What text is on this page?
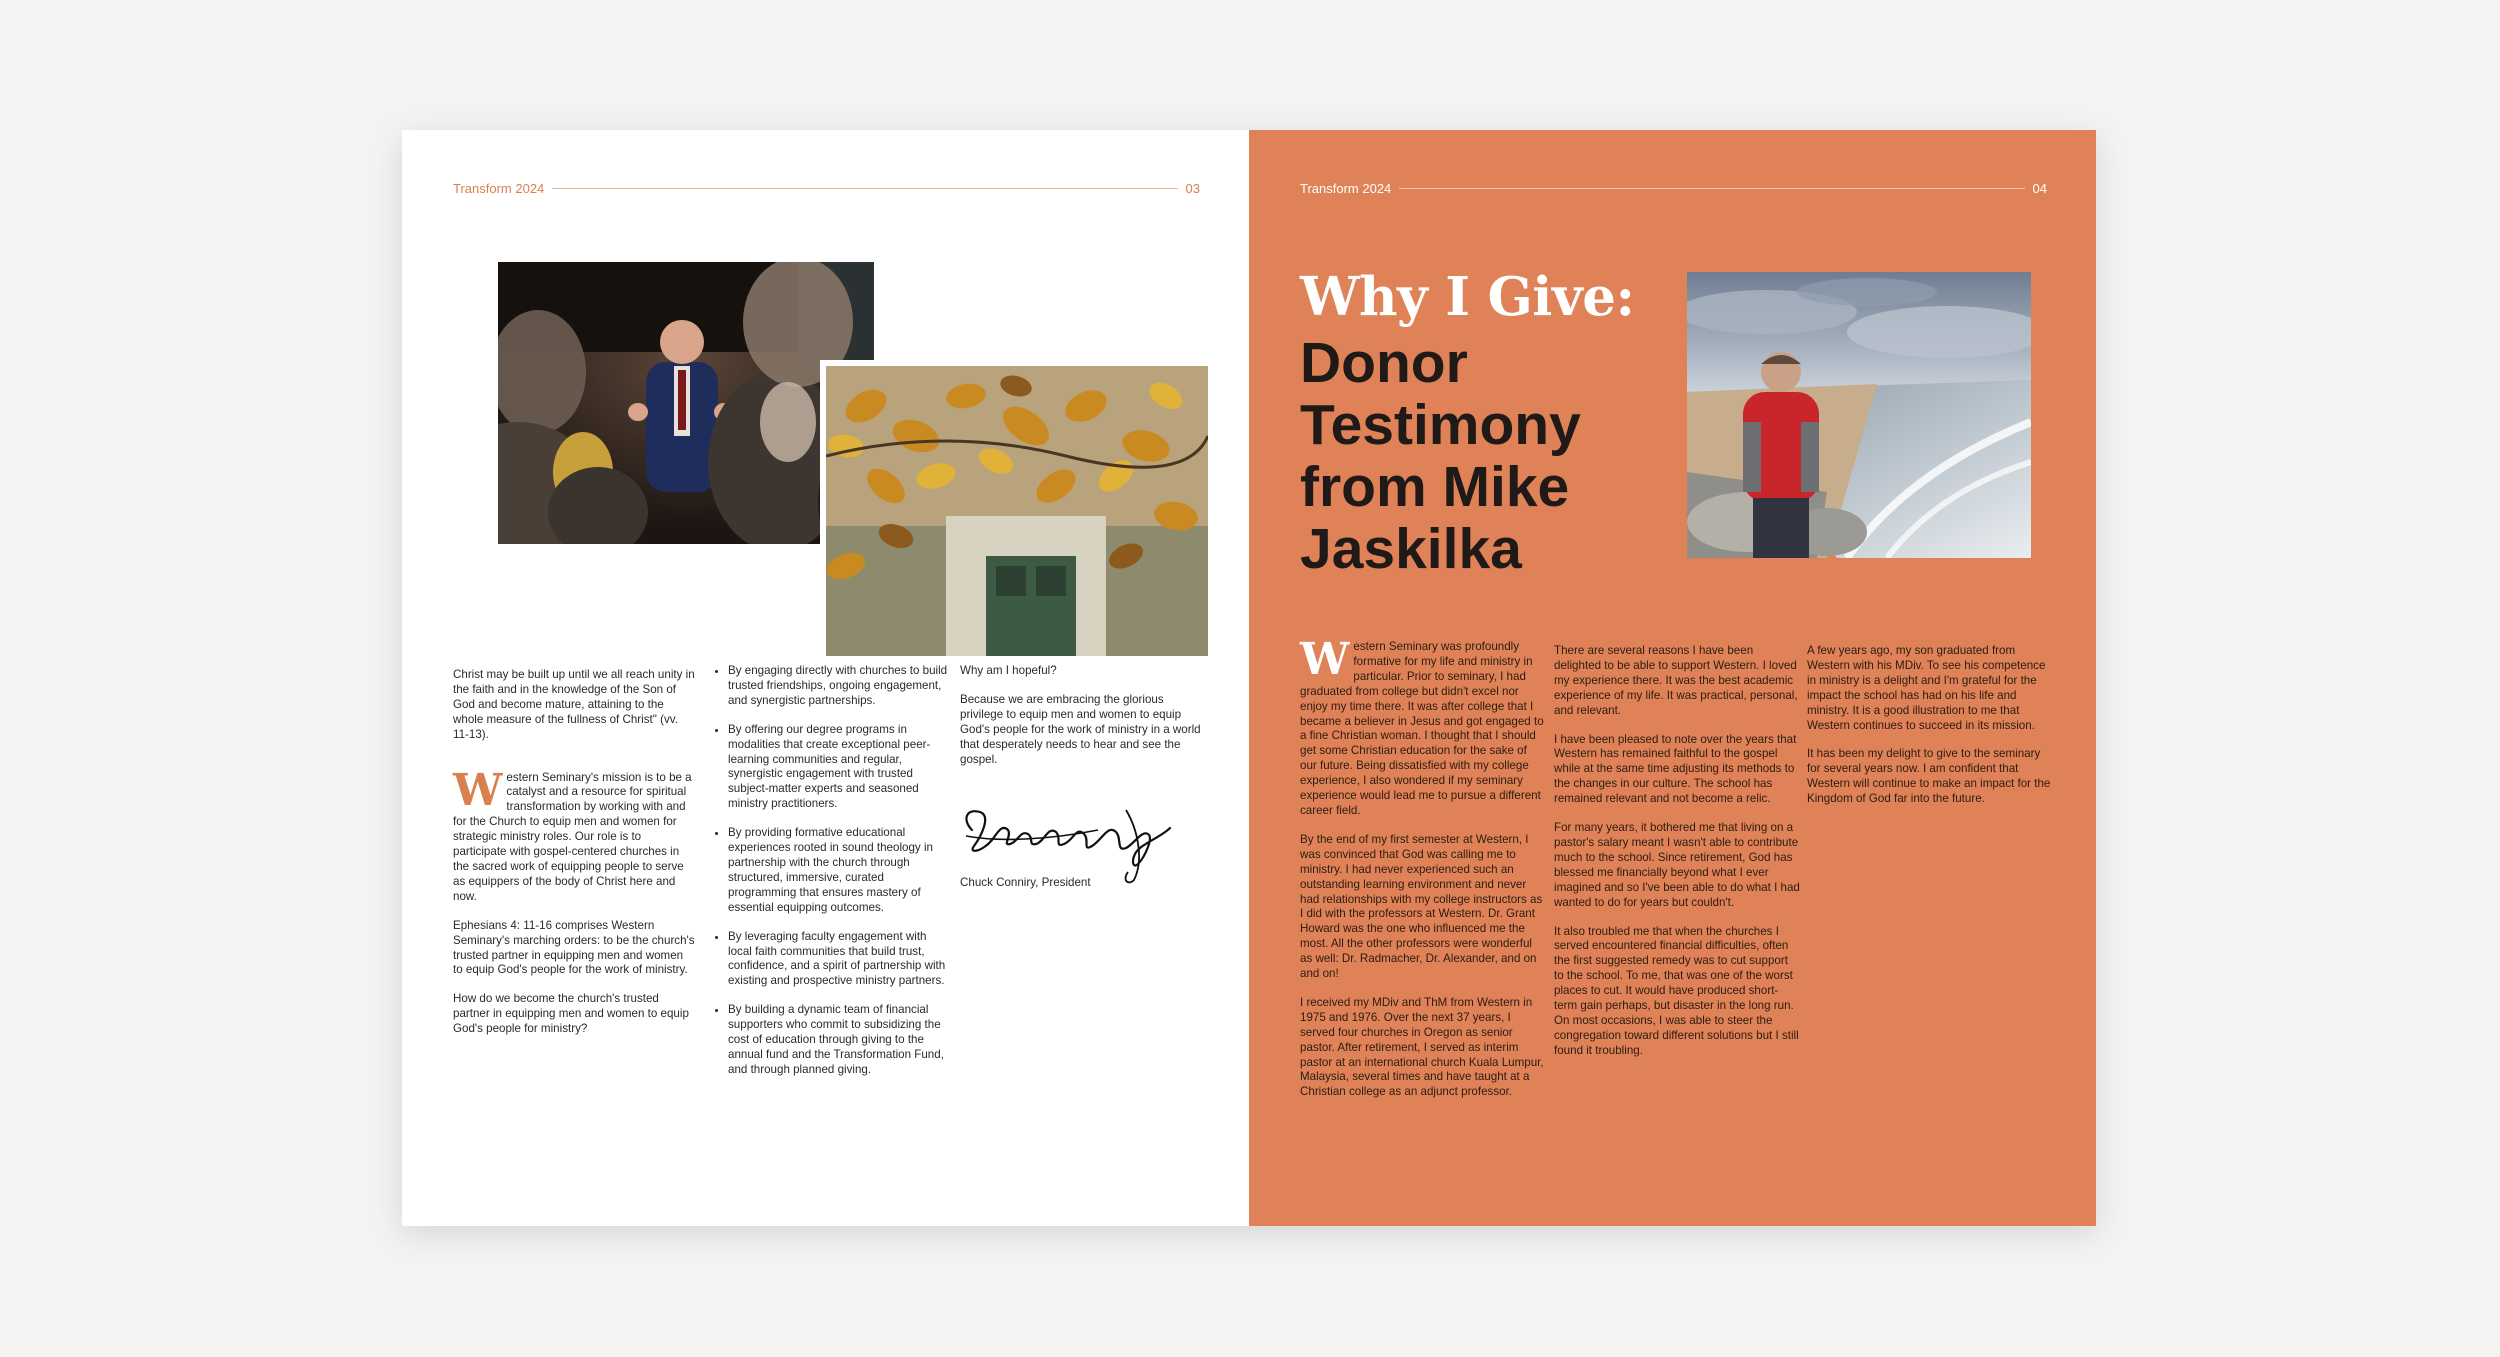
Transform 2024	03

Christ may be built up until we all reach unity in the faith and in the knowledge of the Son of God and become mature, attaining to the whole measure of the fullness of Christ" (vv. 11-13).

Western Seminary's mission is to be a catalyst and a resource for spiritual transformation by working with and for the Church to equip men and women for strategic ministry roles. Our role is to participate with gospel-centered churches in the sacred work of equipping people to serve as equippers of the body of Christ here and now.

Ephesians 4: 11-16 comprises Western Seminary's marching orders: to be the church's trusted partner in equipping men and women to equip God's people for the work of ministry.

How do we become the church's trusted partner in equipping men and women to equip God's people for ministry?

• By engaging directly with churches to build trusted friendships, ongoing engagement, and synergistic partnerships.
• By offering our degree programs in modalities that create exceptional peer-learning communities and regular, synergistic engagement with trusted subject-matter experts and seasoned ministry practitioners.
• By providing formative educational experiences rooted in sound theology in partnership with the church through structured, immersive, curated programming that ensures mastery of essential equipping outcomes.
• By leveraging faculty engagement with local faith communities that build trust, confidence, and a spirit of partnership with existing and prospective ministry partners.
• By building a dynamic team of financial supporters who commit to subsidizing the cost of education through giving to the annual fund and the Transformation Fund, and through planned giving.

Why am I hopeful?

Because we are embracing the glorious privilege to equip men and women to equip God's people for the work of ministry in a world that desperately needs to hear and see the gospel.

Chuck Conniry, President
Transform 2024	04
Why I Give:
Donor Testimony from Mike Jaskilka

Western Seminary was profoundly formative for my life and ministry in particular. Prior to seminary, I had graduated from college but didn't excel nor enjoy my time there. It was after college that I became a believer in Jesus and got engaged to a fine Christian woman. I thought that I should get some Christian education for the sake of our future. Being dissatisfied with my college experience, I also wondered if my seminary experience would lead me to pursue a different career field.

By the end of my first semester at Western, I was convinced that God was calling me to ministry. I had never experienced such an outstanding learning environment and never had relationships with my college instructors as I did with the professors at Western. Dr. Grant Howard was the one who influenced me the most. All the other professors were wonderful as well: Dr. Radmacher, Dr. Alexander, and on and on!

I received my MDiv and ThM from Western in 1975 and 1976. Over the next 37 years, I served four churches in Oregon as senior pastor. After retirement, I served as interim pastor at an international church Kuala Lumpur, Malaysia, several times and have taught at a Christian college as an adjunct professor.

There are several reasons I have been delighted to be able to support Western. I loved my experience there. It was the best academic experience of my life. It was practical, personal, and relevant.

I have been pleased to note over the years that Western has remained faithful to the gospel while at the same time adjusting its methods to the changes in our culture. The school has remained relevant and not become a relic.

For many years, it bothered me that living on a pastor's salary meant I wasn't able to contribute much to the school. Since retirement, God has blessed me financially beyond what I ever imagined and so I've been able to do what I had wanted to do for years but couldn't.

It also troubled me that when the churches I served encountered financial difficulties, often the first suggested remedy was to cut support to the school. To me, that was one of the worst places to cut. It would have produced short-term gain perhaps, but disaster in the long run. On most occasions, I was able to steer the congregation toward different solutions but I still found it troubling.

A few years ago, my son graduated from Western with his MDiv. To see his competence in ministry is a delight and I'm grateful for the impact the school has had on his life and ministry. It is a good illustration to me that Western continues to succeed in its mission.

It has been my delight to give to the seminary for several years now. I am confident that Western will continue to make an impact for the Kingdom of God far into the future.
